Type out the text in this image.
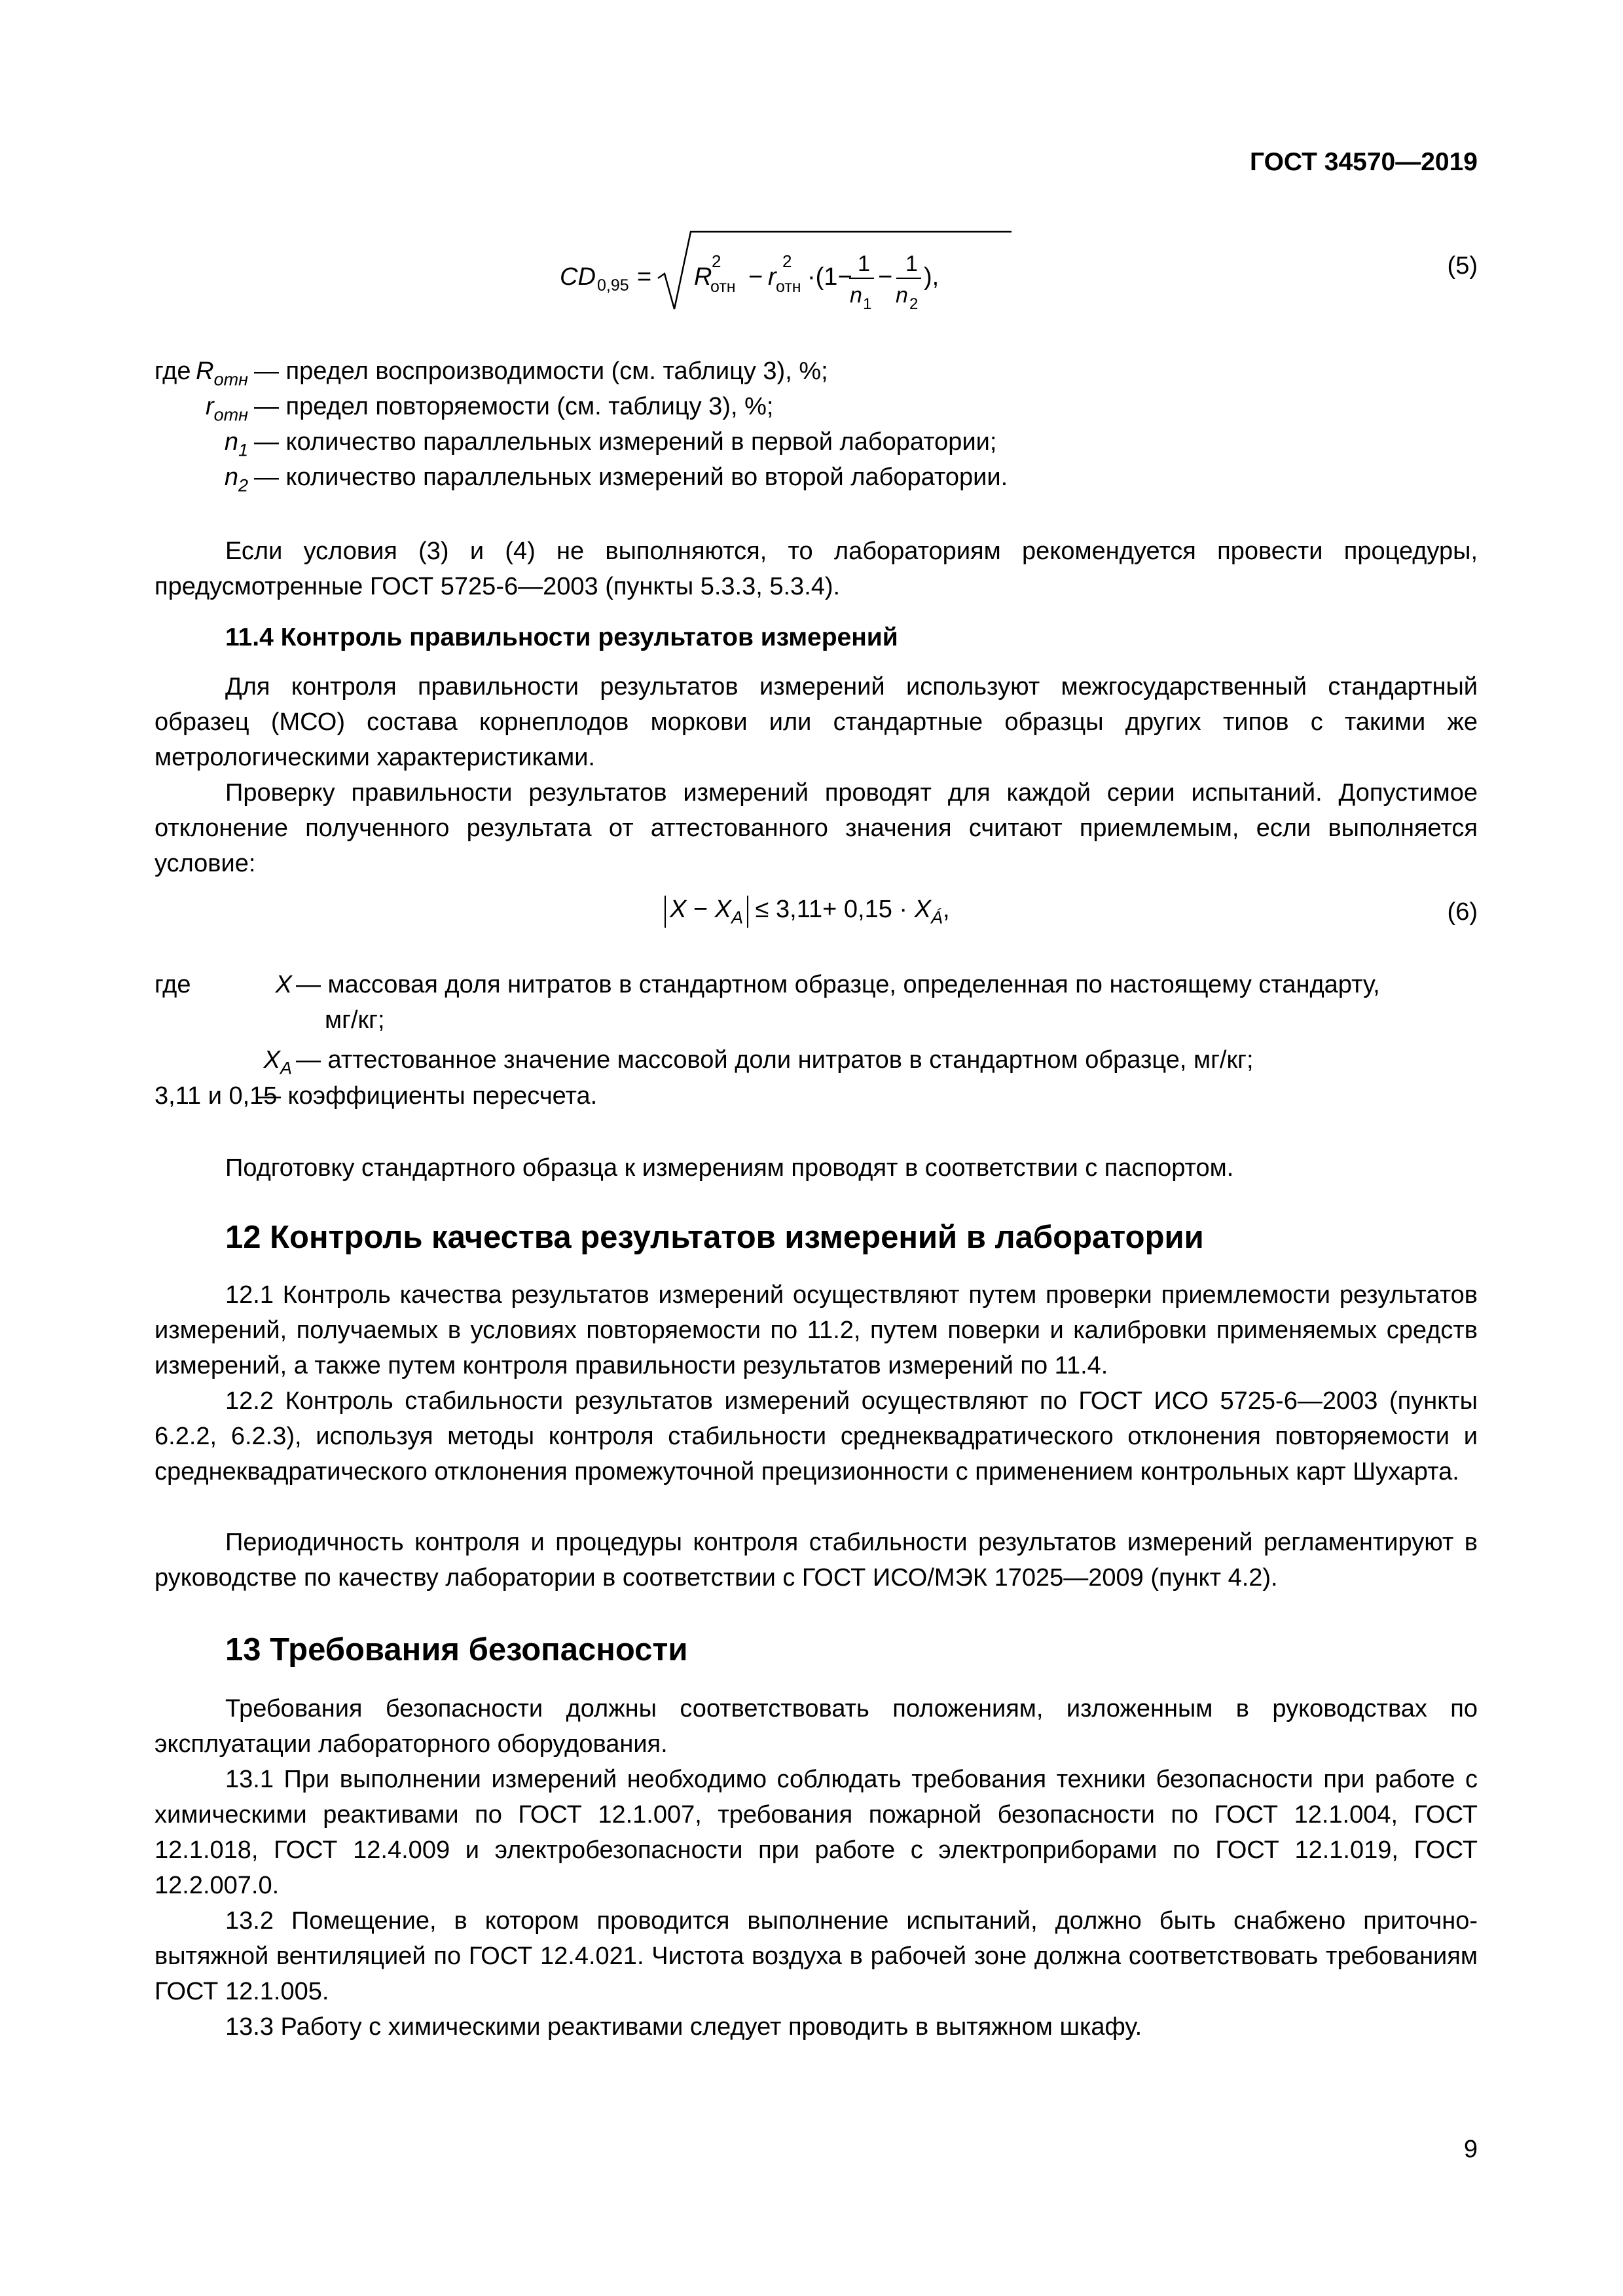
ГОСТ 34570—2019
CD 0,95 = R
2
отн − r
2
отн ·(1− 1
n 1
− 1
n 2
),	(5)
где $R_{отн}$ — предел воспроизводимости (см. таблицу 3), %;
$r_{отн}$ — предел повторяемости (см. таблицу 3), %;
$n_1$ — количество параллельных измерений в первой лаборатории;
$n_2$ — количество параллельных измерений во второй лаборатории.
Если условия (3) и (4) не выполняются, то лабораториям рекомендуется провести процедуры, предусмотренные ГОСТ 5725-6—2003 (пункты 5.3.3, 5.3.4).
11.4 Контроль правильности результатов измерений
Для контроля правильности результатов измерений используют межгосударственный стандартный образец (МСО) состава корнеплодов моркови или стандартные образцы других типов с такими же метрологическими характеристиками.
Проверку правильности результатов измерений проводят для каждой серии испытаний. Допустимое отклонение полученного результата от аттестованного значения считают приемлемым, если выполняется условие:
$X - X_A \le 3,11+ 0,15 \cdot X_Á$,	(6)
где	X — массовая доля нитратов в стандартном образце, определенная по настоящему стандарту,
мг/кг;
$X_A$ — аттестованное значение массовой доли нитратов в стандартном образце, мг/кг;
3,11 и 0,15
— коэффициенты пересчета.
Подготовку стандартного образца к измерениям проводят в соответствии с паспортом.
12 Контроль качества результатов измерений в лаборатории
12.1 Контроль качества результатов измерений осуществляют путем проверки приемлемости результатов измерений, получаемых в условиях повторяемости по 11.2, путем поверки и калибровки применяемых средств измерений, а также путем контроля правильности результатов измерений по 11.4.
12.2 Контроль стабильности результатов измерений осуществляют по ГОСТ ИСО 5725-6—2003 (пункты 6.2.2, 6.2.3), используя методы контроля стабильности среднеквадратического отклонения повторяемости и среднеквадратического отклонения промежуточной прецизионности с применением контрольных карт Шухарта.
Периодичность контроля и процедуры контроля стабильности результатов измерений регламентируют в руководстве по качеству лаборатории в соответствии с ГОСТ ИСО/МЭК 17025—2009 (пункт 4.2).
13 Требования безопасности
Требования безопасности должны соответствовать положениям, изложенным в руководствах по эксплуатации лабораторного оборудования.
13.1 При выполнении измерений необходимо соблюдать требования техники безопасности при работе с химическими реактивами по ГОСТ 12.1.007, требования пожарной безопасности по ГОСТ 12.1.004, ГОСТ 12.1.018, ГОСТ 12.4.009 и электробезопасности при работе с электроприборами по ГОСТ 12.1.019, ГОСТ 12.2.007.0.
13.2 Помещение, в котором проводится выполнение испытаний, должно быть снабжено приточно-вытяжной вентиляцией по ГОСТ 12.4.021. Чистота воздуха в рабочей зоне должна соответствовать требованиям ГОСТ 12.1.005.
13.3 Работу с химическими реактивами следует проводить в вытяжном шкафу.
9
